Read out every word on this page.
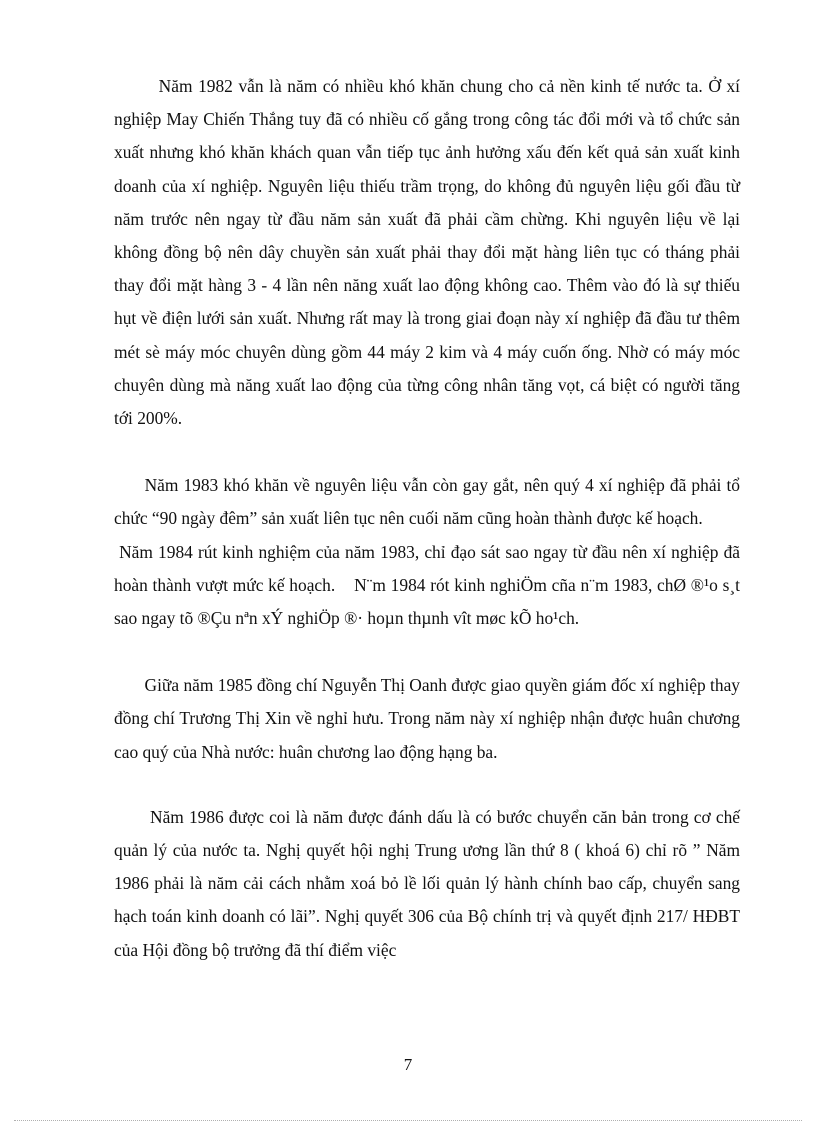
Năm 1982 vẫn là năm có nhiều khó khăn chung cho cả nền kinh tế nước ta. Ở xí nghiệp May Chiến Thắng tuy đã có nhiều cố gắng trong công tác đổi mới và tổ chức sản xuất nhưng khó khăn khách quan vẫn tiếp tục ảnh hưởng xấu đến kết quả sản xuất kinh doanh của xí nghiệp. Nguyên liệu thiếu trầm trọng, do không đủ nguyên liệu gối đầu từ năm trước nên ngay từ đầu năm sản xuất đã phải cầm chừng. Khi nguyên liệu về lại không đồng bộ nên dây chuyền sản xuất phải thay đổi mặt hàng liên tục có tháng phải thay đổi mặt hàng 3 - 4 lần nên năng xuất lao động không cao. Thêm vào đó là sự thiếu hụt về điện lưới sản xuất. Nhưng rất may là trong giai đoạn này xí nghiệp đã đầu tư thêm mét sè máy móc chuyên dùng gồm 44 máy 2 kim và 4 máy cuốn ống. Nhờ có máy móc chuyên dùng mà năng xuất lao động của từng công nhân tăng vọt, cá biệt có người tăng tới 200%.

Năm 1983 khó khăn về nguyên liệu vẫn còn gay gắt, nên quý 4 xí nghiệp đã phải tổ chức “90 ngày đêm” sản xuất liên tục nên cuối năm cũng hoàn thành được kế hoạch.

Năm 1984 rút kinh nghiệm của năm 1983, chỉ đạo sát sao ngay từ đầu nên xí nghiệp đã hoàn thành vượt mức kế hoạch.    N¨m 1984 rót kinh nghiÖm cña n¨m 1983, chØ ®¹o s¸t sao ngay tõ ®Çu nªn xÝ nghiÖp ®· hoµn thµnh vît møc kÕ ho¹ch.

Giữa năm 1985 đồng chí Nguyễn Thị Oanh được giao quyền giám đốc xí nghiệp thay đồng chí Trương Thị Xin về nghỉ hưu. Trong năm này xí nghiệp nhận được huân chương cao quý của Nhà nước: huân chương lao động hạng ba.

Năm 1986 được coi là năm được đánh dấu là có bước chuyển căn bản trong cơ chế quản lý của nước ta. Nghị quyết hội nghị Trung ương lần thứ 8 ( khoá 6) chỉ rõ ” Năm 1986 phải là năm cải cách nhằm xoá bỏ lề lối quản lý hành chính bao cấp, chuyển sang hạch toán kinh doanh có lãi”. Nghị quyết 306 của Bộ chính trị và quyết định 217/ HĐBT của Hội đồng bộ trưởng đã thí điểm việc

7
